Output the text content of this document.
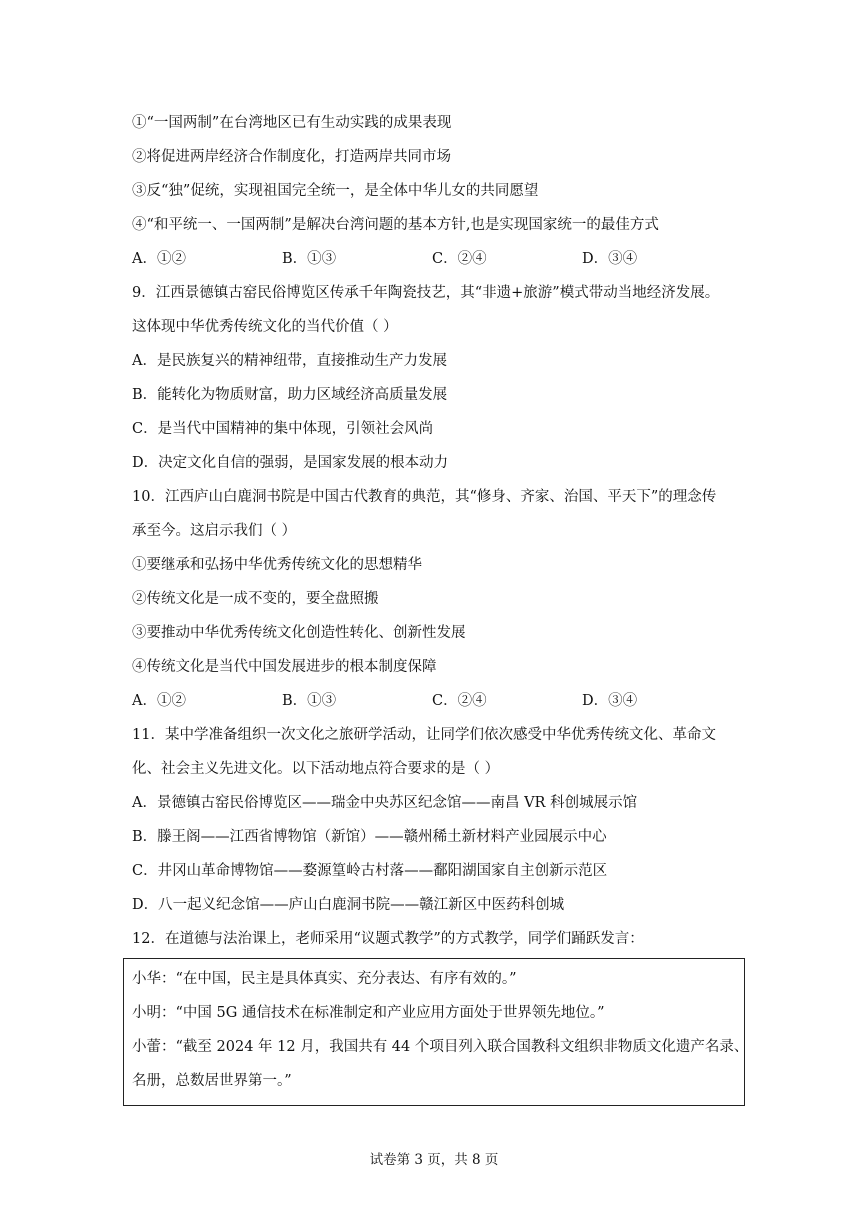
①“一国两制”在台湾地区已有生动实践的成果表现
②将促进两岸经济合作制度化，打造两岸共同市场
③反“独”促统，实现祖国完全统一，是全体中华儿女的共同愿望
④“和平统一、一国两制”是解决台湾问题的基本方针,也是实现国家统一的最佳方式
A．①②	B．①③	C．②④	D．③④
9．江西景德镇古窑民俗博览区传承千年陶瓷技艺，其“非遗+旅游”模式带动当地经济发展。
这体现中华优秀传统文化的当代价值（ ）
A．是民族复兴的精神纽带，直接推动生产力发展
B．能转化为物质财富，助力区域经济高质量发展
C．是当代中国精神的集中体现，引领社会风尚
D．决定文化自信的强弱，是国家发展的根本动力
10．江西庐山白鹿洞书院是中国古代教育的典范，其“修身、齐家、治国、平天下”的理念传
承至今。这启示我们（ ）
①要继承和弘扬中华优秀传统文化的思想精华
②传统文化是一成不变的，要全盘照搬
③要推动中华优秀传统文化创造性转化、创新性发展
④传统文化是当代中国发展进步的根本制度保障
A．①②	B．①③	C．②④	D．③④
11．某中学准备组织一次文化之旅研学活动，让同学们依次感受中华优秀传统文化、革命文
化、社会主义先进文化。以下活动地点符合要求的是（ ）
A．景德镇古窑民俗博览区——瑞金中央苏区纪念馆——南昌 VR 科创城展示馆
B．滕王阁——江西省博物馆（新馆）——赣州稀土新材料产业园展示中心
C．井冈山革命博物馆——婺源篁岭古村落——鄱阳湖国家自主创新示范区
D．八一起义纪念馆——庐山白鹿洞书院——赣江新区中医药科创城
12．在道德与法治课上，老师采用“议题式教学”的方式教学，同学们踊跃发言：
小华：“在中国，民主是具体真实、充分表达、有序有效的。”
小明：“中国 5G 通信技术在标准制定和产业应用方面处于世界领先地位。”
小蕾：“截至 2024 年 12 月，我国共有 44 个项目列入联合国教科文组织非物质文化遗产名录、
名册，总数居世界第一。”
试卷第 3 页，共 8 页
